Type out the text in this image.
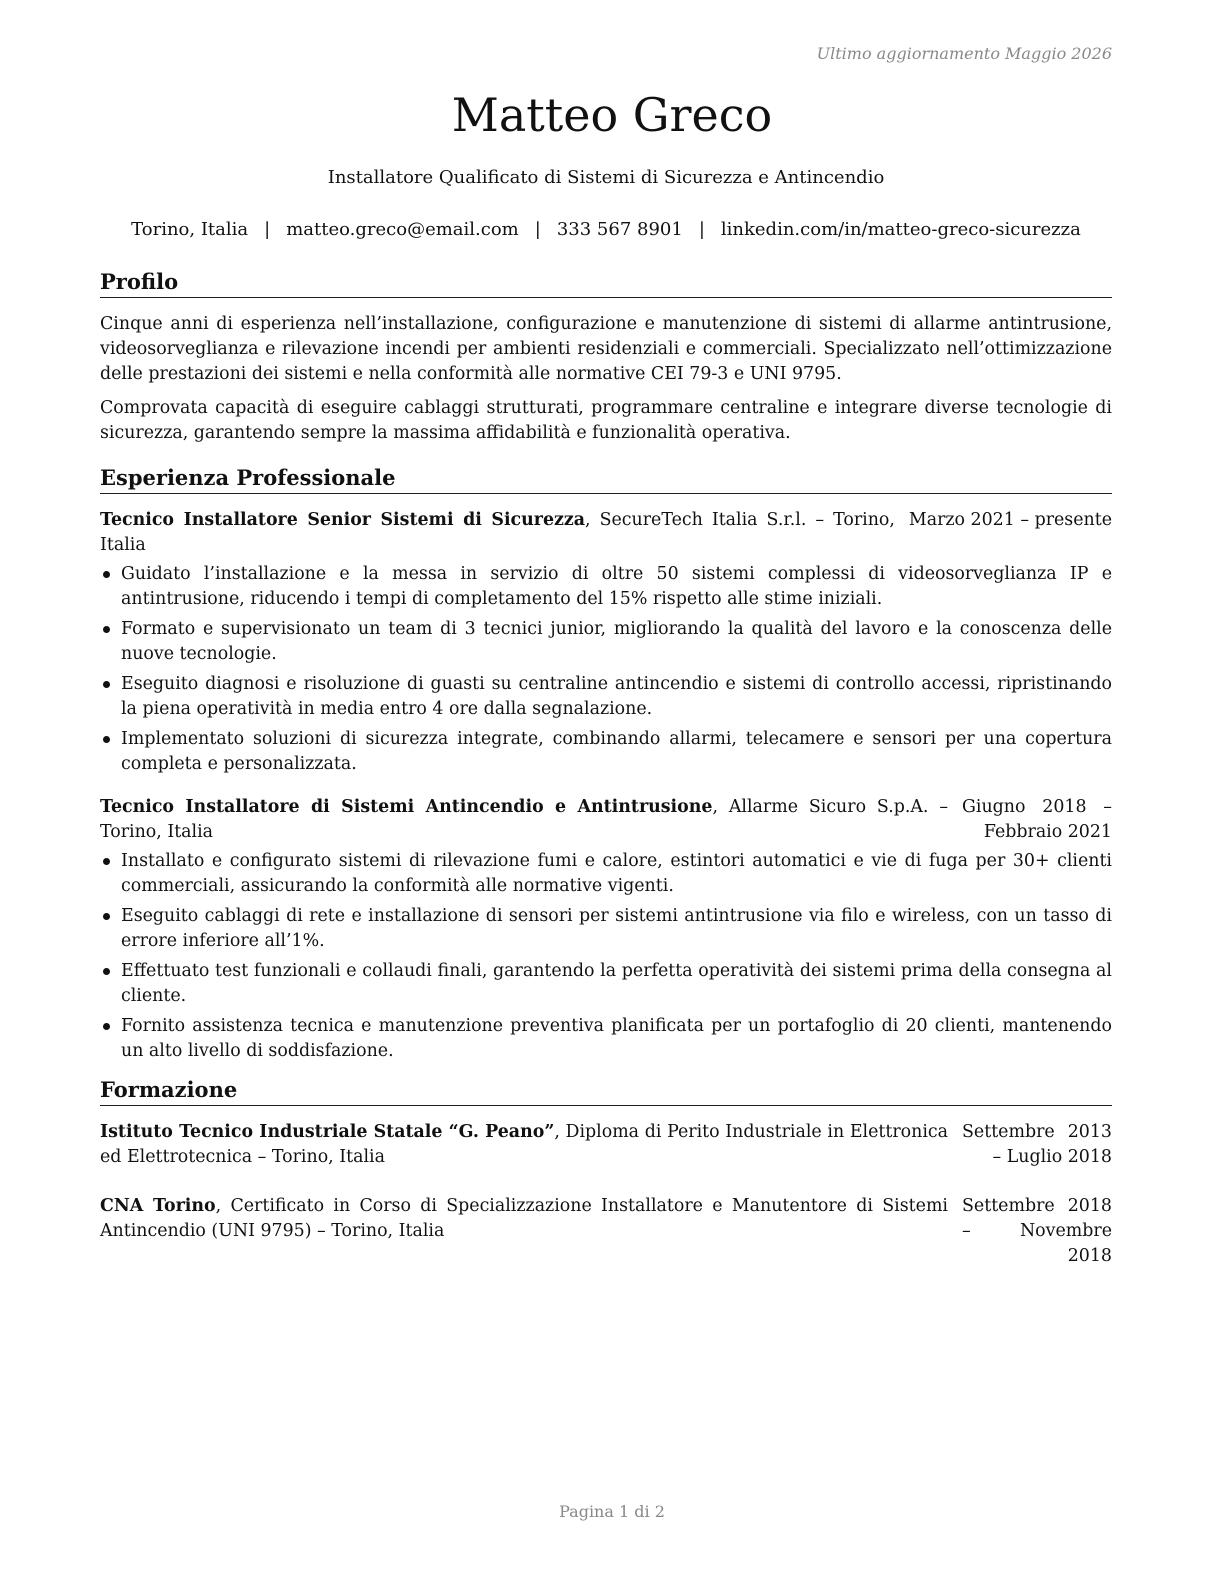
Ultimo aggiornamento Maggio 2026
Matteo Greco
Installatore Qualificato di Sistemi di Sicurezza e Antincendio
Torino, Italia | matteo.greco@email.com | 333 567 8901 | linkedin.com/in/matteo-greco-sicurezza
Profilo

Cinque anni di esperienza nell’installazione, configurazione e manutenzione di sistemi di allarme antintrusione, videosorveglianza e rilevazione incendi per ambienti residenziali e commerciali. Specializzato nell’ottimizzazione delle prestazioni dei sistemi e nella conformità alle normative CEI 79-3 e UNI 9795.

Comprovata capacità di eseguire cablaggi strutturati, programmare centraline e integrare diverse tecnologie di sicurezza, garantendo sempre la massima affidabilità e funzionalità operativa.

Esperienza Professionale
Tecnico Installatore Senior Sistemi di Sicurezza, SecureTech Italia S.r.l. – Torino, Italia
Marzo 2021 – presente
Guidato l’installazione e la messa in servizio di oltre 50 sistemi complessi di videosorveglianza IP e antintrusione, riducendo i tempi di completamento del 15% rispetto alle stime iniziali.
Formato e supervisionato un team di 3 tecnici junior, migliorando la qualità del lavoro e la conoscenza delle nuove tecnologie.
Eseguito diagnosi e risoluzione di guasti su centraline antincendio e sistemi di controllo accessi, ripristinando la piena operatività in media entro 4 ore dalla segnalazione.
Implementato soluzioni di sicurezza integrate, combinando allarmi, telecamere e sensori per una copertura completa e personalizzata.
Tecnico Installatore di Sistemi Antincendio e Antintrusione, Allarme Sicuro S.p.A. – Torino, Italia
Giugno 2018 – Febbraio 2021
Installato e configurato sistemi di rilevazione fumi e calore, estintori automatici e vie di fuga per 30+ clienti commerciali, assicurando la conformità alle normative vigenti.
Eseguito cablaggi di rete e installazione di sensori per sistemi antintrusione via filo e wireless, con un tasso di errore inferiore all’1%.
Effettuato test funzionali e collaudi finali, garantendo la perfetta operatività dei sistemi prima della consegna al cliente.
Fornito assistenza tecnica e manutenzione preventiva planificata per un portafoglio di 20 clienti, mantenendo un alto livello di soddisfazione.
Formazione
Istituto Tecnico Industriale Statale “G. Peano”, Diploma di Perito Industriale in Elettronica ed Elettrotecnica – Torino, Italia
Settembre 2013 – Luglio 2018
CNA Torino, Certificato in Corso di Specializzazione Installatore e Manutentore di Sistemi Antincendio (UNI 9795) – Torino, Italia
Settembre 2018 – Novembre 2018
Pagina 1 di 2
